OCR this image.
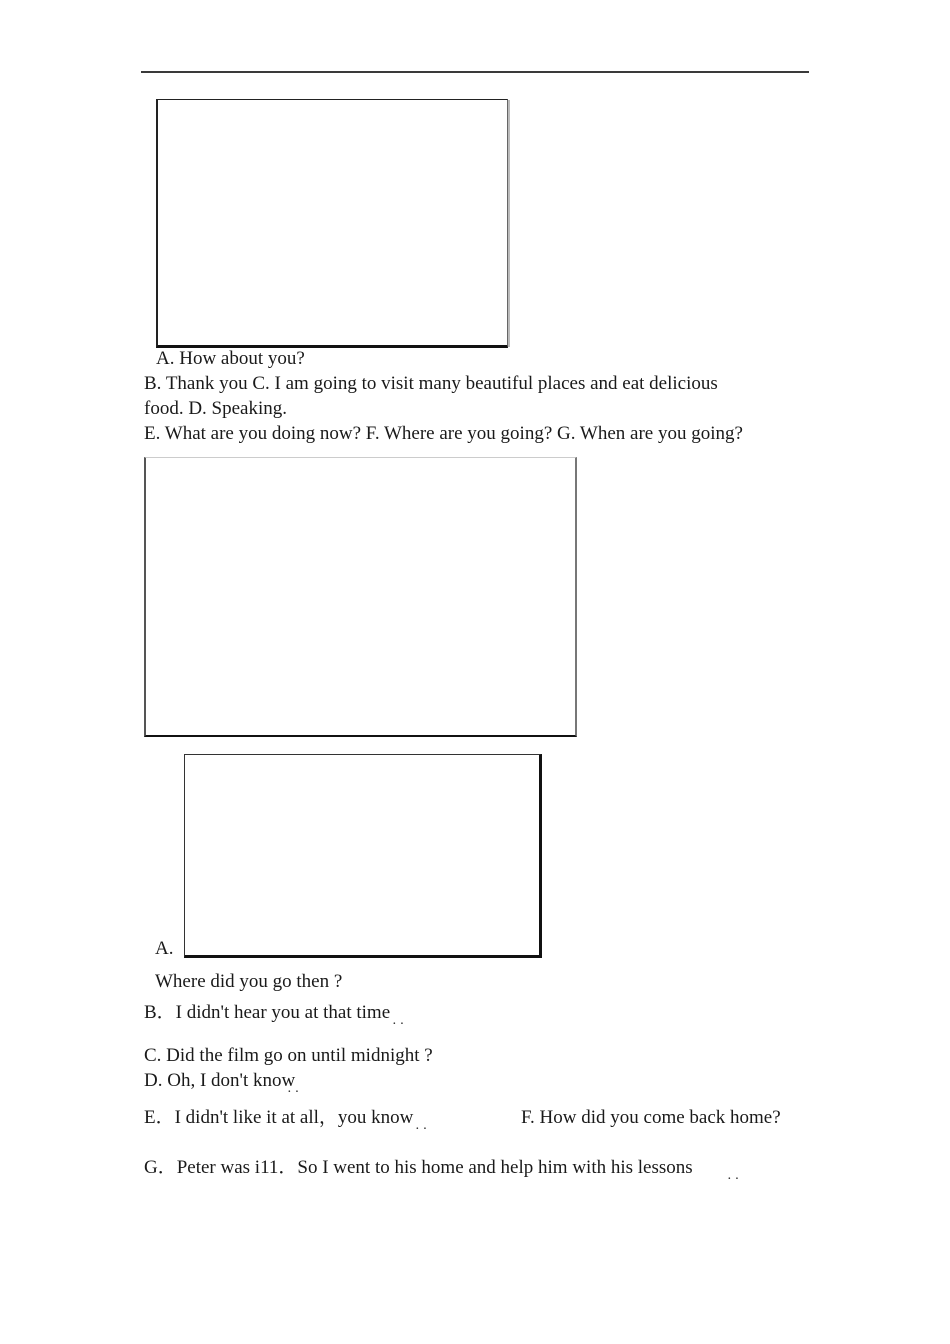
A. How about you?
B. Thank you C. I am going to visit many beautiful places and eat delicious
food. D. Speaking.
E. What are you doing now? F. Where are you going? G. When are you going?
A.
Where did you go then ?
B．I didn't hear you at that time
··
C. Did the film go on until midnight ?
D. Oh, I don't know
··
E．I didn't like it at all，you know
··
F. How did you come back home?
G．Peter was i11．So I went to his home and help him with his lessons
··
